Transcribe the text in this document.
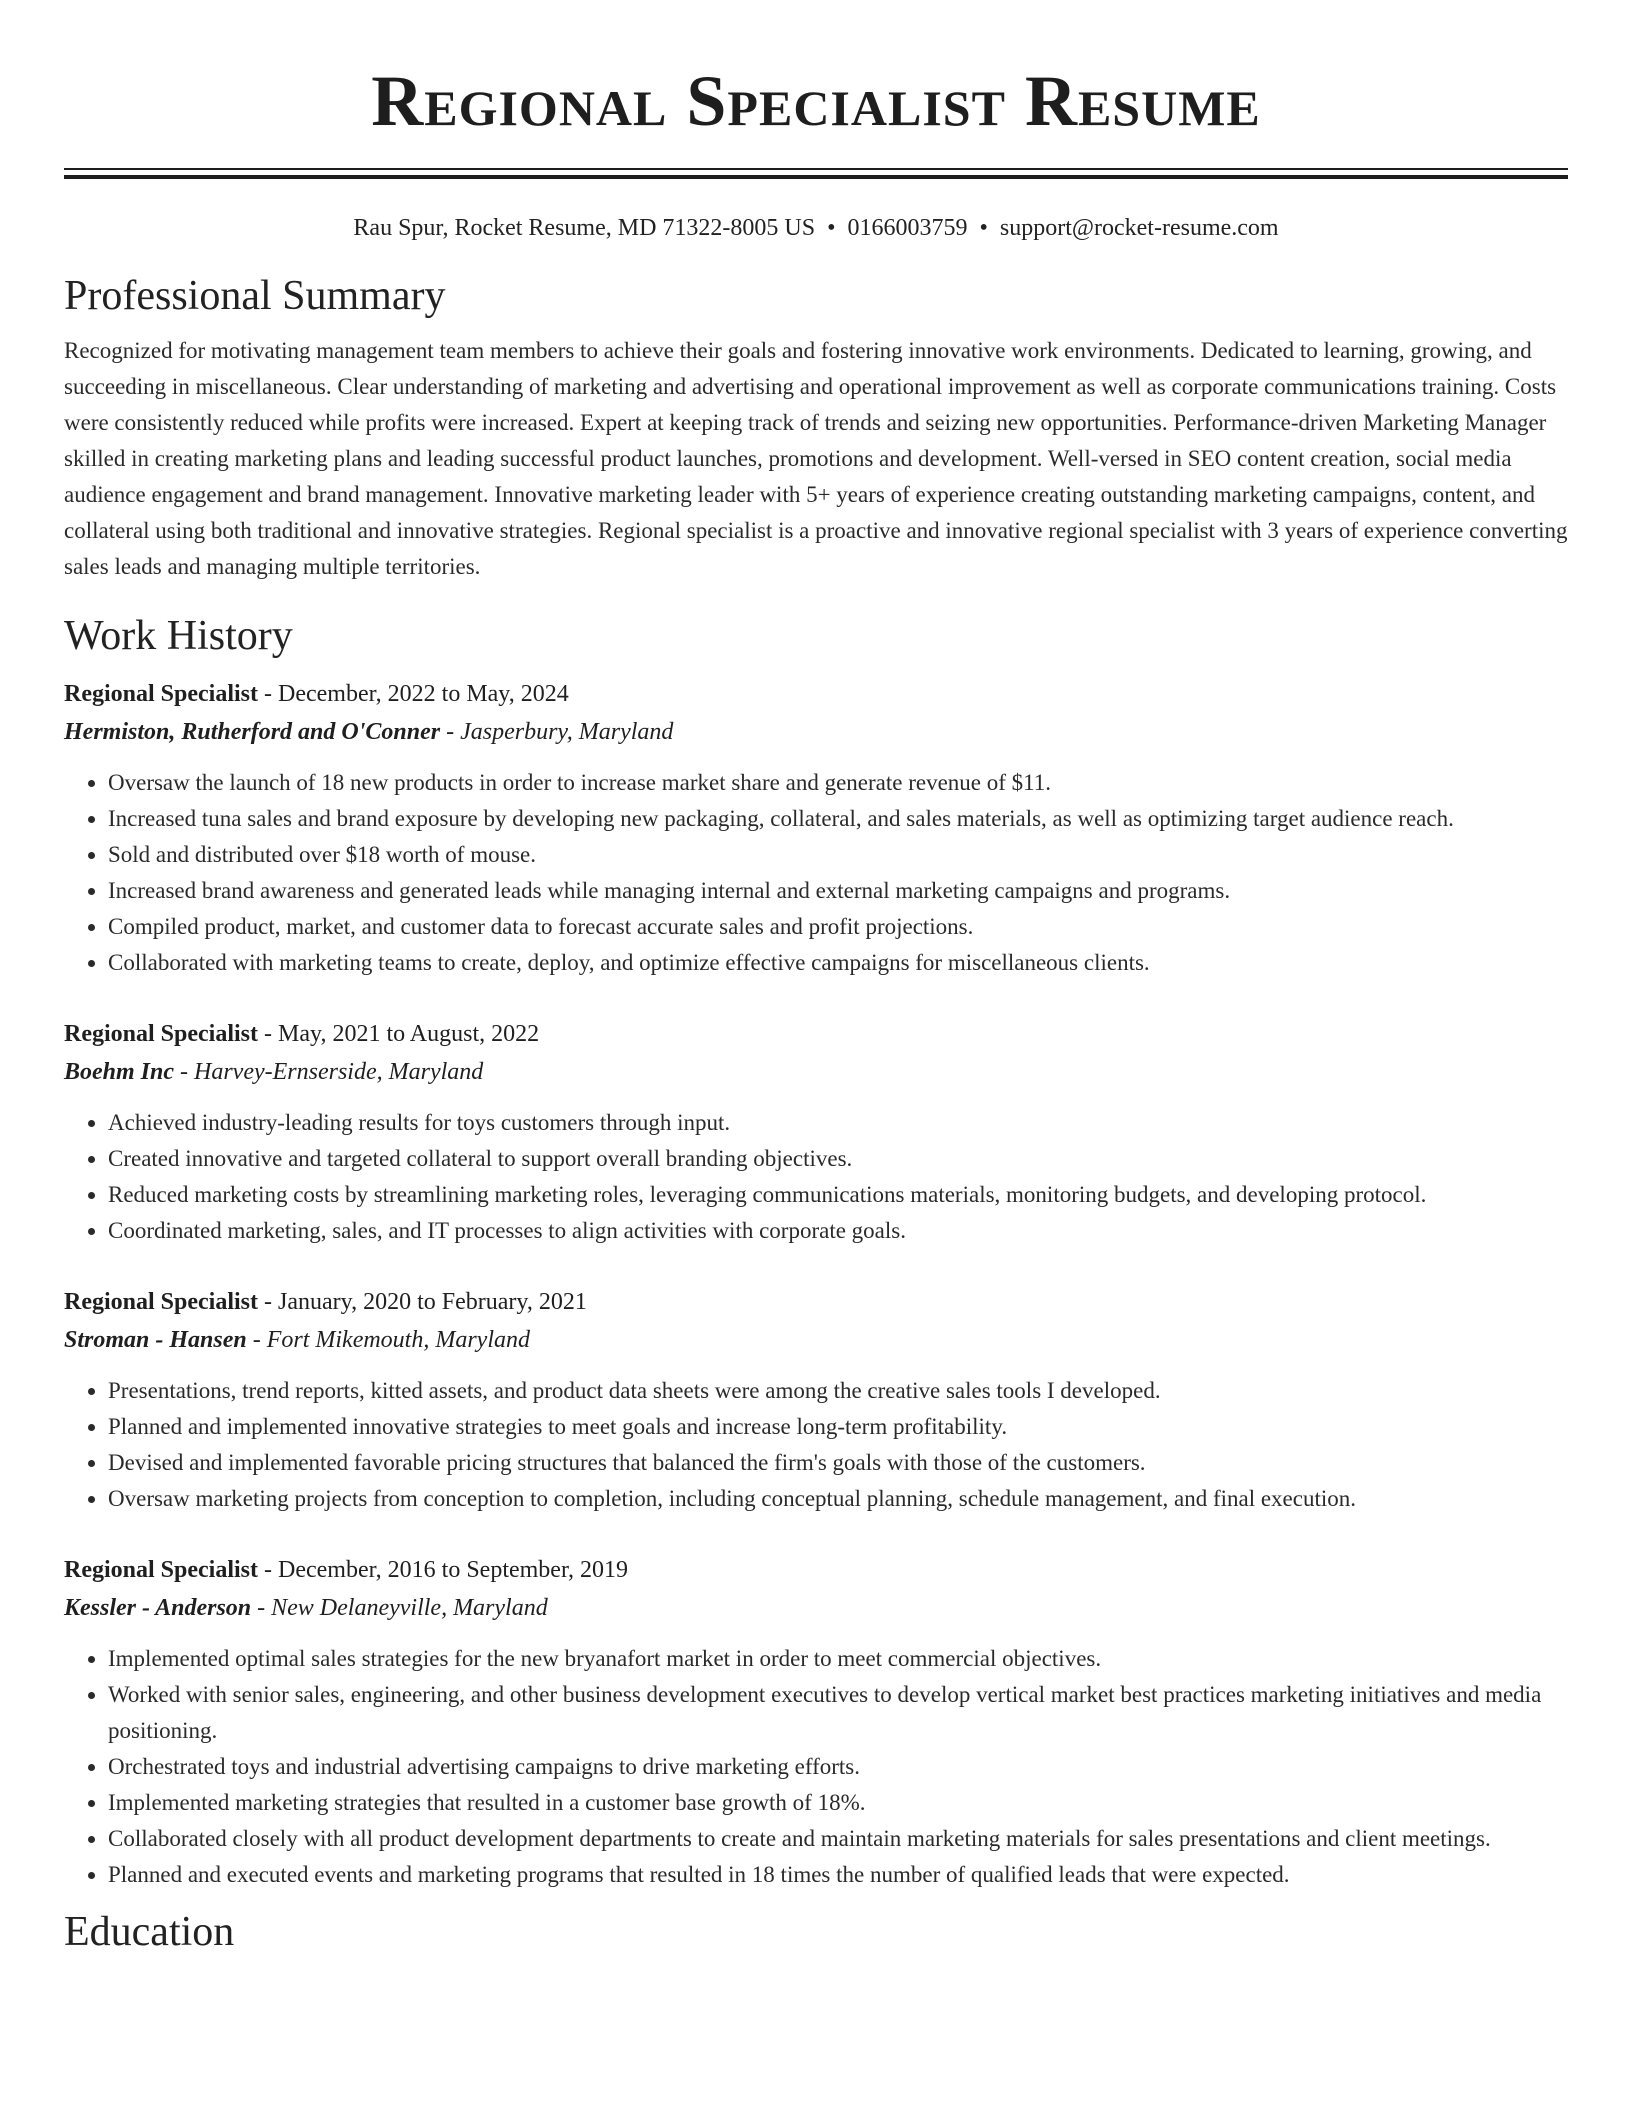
Regional Specialist Resume
Rau Spur, Rocket Resume, MD 71322-8005 US • 0166003759 • support@rocket-resume.com
Professional Summary

Recognized for motivating management team members to achieve their goals and fostering innovative work environments. Dedicated to learning, growing, and succeeding in miscellaneous. Clear understanding of marketing and advertising and operational improvement as well as corporate communications training. Costs were consistently reduced while profits were increased. Expert at keeping track of trends and seizing new opportunities. Performance-driven Marketing Manager skilled in creating marketing plans and leading successful product launches, promotions and development. Well-versed in SEO content creation, social media audience engagement and brand management. Innovative marketing leader with 5+ years of experience creating outstanding marketing campaigns, content, and collateral using both traditional and innovative strategies. Regional specialist is a proactive and innovative regional specialist with 3 years of experience converting sales leads and managing multiple territories.

Work History
Regional Specialist - December, 2022 to May, 2024
Hermiston, Rutherford and O'Conner - Jasperbury, Maryland
• Oversaw the launch of 18 new products in order to increase market share and generate revenue of $11.
• Increased tuna sales and brand exposure by developing new packaging, collateral, and sales materials, as well as optimizing target audience reach.
• Sold and distributed over $18 worth of mouse.
• Increased brand awareness and generated leads while managing internal and external marketing campaigns and programs.
• Compiled product, market, and customer data to forecast accurate sales and profit projections.
• Collaborated with marketing teams to create, deploy, and optimize effective campaigns for miscellaneous clients.
Regional Specialist - May, 2021 to August, 2022
Boehm Inc - Harvey-Ernserside, Maryland
• Achieved industry-leading results for toys customers through input.
• Created innovative and targeted collateral to support overall branding objectives.
• Reduced marketing costs by streamlining marketing roles, leveraging communications materials, monitoring budgets, and developing protocol.
• Coordinated marketing, sales, and IT processes to align activities with corporate goals.
Regional Specialist - January, 2020 to February, 2021
Stroman - Hansen - Fort Mikemouth, Maryland
• Presentations, trend reports, kitted assets, and product data sheets were among the creative sales tools I developed.
• Planned and implemented innovative strategies to meet goals and increase long-term profitability.
• Devised and implemented favorable pricing structures that balanced the firm's goals with those of the customers.
• Oversaw marketing projects from conception to completion, including conceptual planning, schedule management, and final execution.
Regional Specialist - December, 2016 to September, 2019
Kessler - Anderson - New Delaneyville, Maryland
• Implemented optimal sales strategies for the new bryanafort market in order to meet commercial objectives.
• Worked with senior sales, engineering, and other business development executives to develop vertical market best practices marketing initiatives and media positioning.
• Orchestrated toys and industrial advertising campaigns to drive marketing efforts.
• Implemented marketing strategies that resulted in a customer base growth of 18%.
• Collaborated closely with all product development departments to create and maintain marketing materials for sales presentations and client meetings.
• Planned and executed events and marketing programs that resulted in 18 times the number of qualified leads that were expected.
Education
